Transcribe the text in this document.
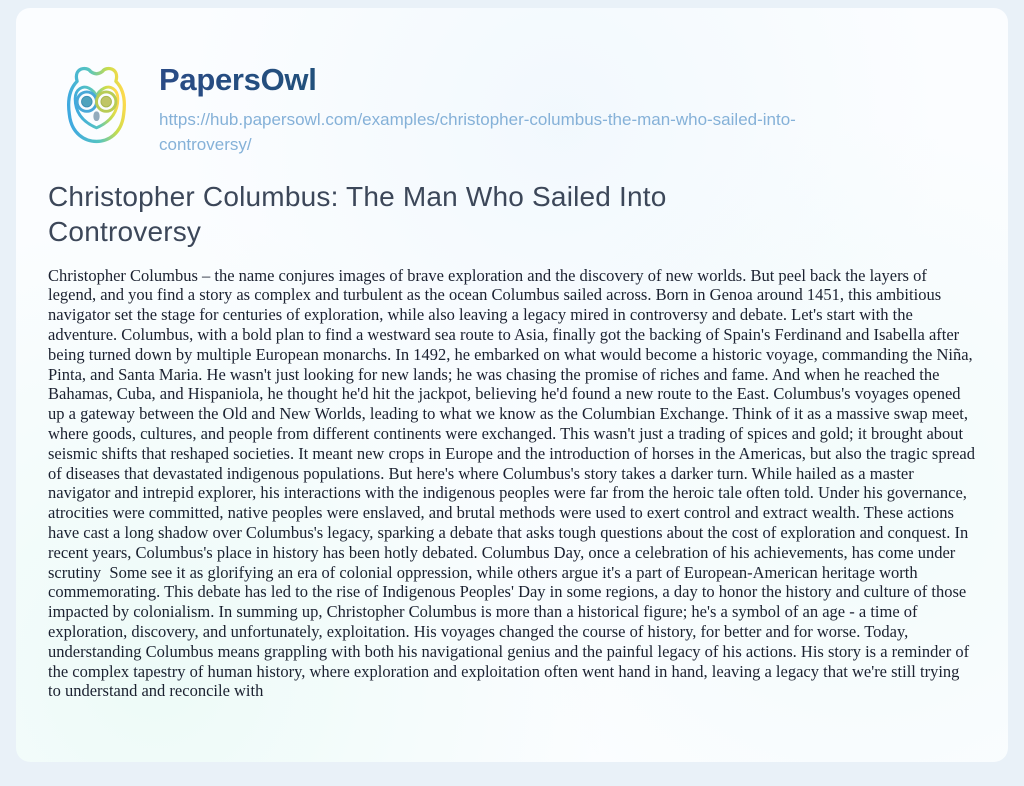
PapersOwl
https://hub.papersowl.com/examples/christopher-columbus-the-man-who-sailed-into-controversy/
Christopher Columbus: The Man Who Sailed Into Controversy

Christopher Columbus – the name conjures images of brave exploration and the discovery of new worlds. But peel back the layers of legend, and you find a story as complex and turbulent as the ocean Columbus sailed across. Born in Genoa around 1451, this ambitious navigator set the stage for centuries of exploration, while also leaving a legacy mired in controversy and debate. Let's start with the adventure. Columbus, with a bold plan to find a westward sea route to Asia, finally got the backing of Spain's Ferdinand and Isabella after being turned down by multiple European monarchs. In 1492, he embarked on what would become a historic voyage, commanding the Niña, Pinta, and Santa Maria. He wasn't just looking for new lands; he was chasing the promise of riches and fame. And when he reached the Bahamas, Cuba, and Hispaniola, he thought he'd hit the jackpot, believing he'd found a new route to the East. Columbus's voyages opened up a gateway between the Old and New Worlds, leading to what we know as the Columbian Exchange. Think of it as a massive swap meet, where goods, cultures, and people from different continents were exchanged. This wasn't just a trading of spices and gold; it brought about seismic shifts that reshaped societies. It meant new crops in Europe and the introduction of horses in the Americas, but also the tragic spread of diseases that devastated indigenous populations. But here's where Columbus's story takes a darker turn. While hailed as a master navigator and intrepid explorer, his interactions with the indigenous peoples were far from the heroic tale often told. Under his governance, atrocities were committed, native peoples were enslaved, and brutal methods were used to exert control and extract wealth. These actions have cast a long shadow over Columbus's legacy, sparking a debate that asks tough questions about the cost of exploration and conquest. In recent years, Columbus's place in history has been hotly debated. Columbus Day, once a celebration of his achievements, has come under scrutiny  Some see it as glorifying an era of colonial oppression, while others argue it's a part of European-American heritage worth commemorating. This debate has led to the rise of Indigenous Peoples' Day in some regions, a day to honor the history and culture of those impacted by colonialism. In summing up, Christopher Columbus is more than a historical figure; he's a symbol of an age - a time of exploration, discovery, and unfortunately, exploitation. His voyages changed the course of history, for better and for worse. Today, understanding Columbus means grappling with both his navigational genius and the painful legacy of his actions. His story is a reminder of the complex tapestry of human history, where exploration and exploitation often went hand in hand, leaving a legacy that we're still trying to understand and reconcile with
